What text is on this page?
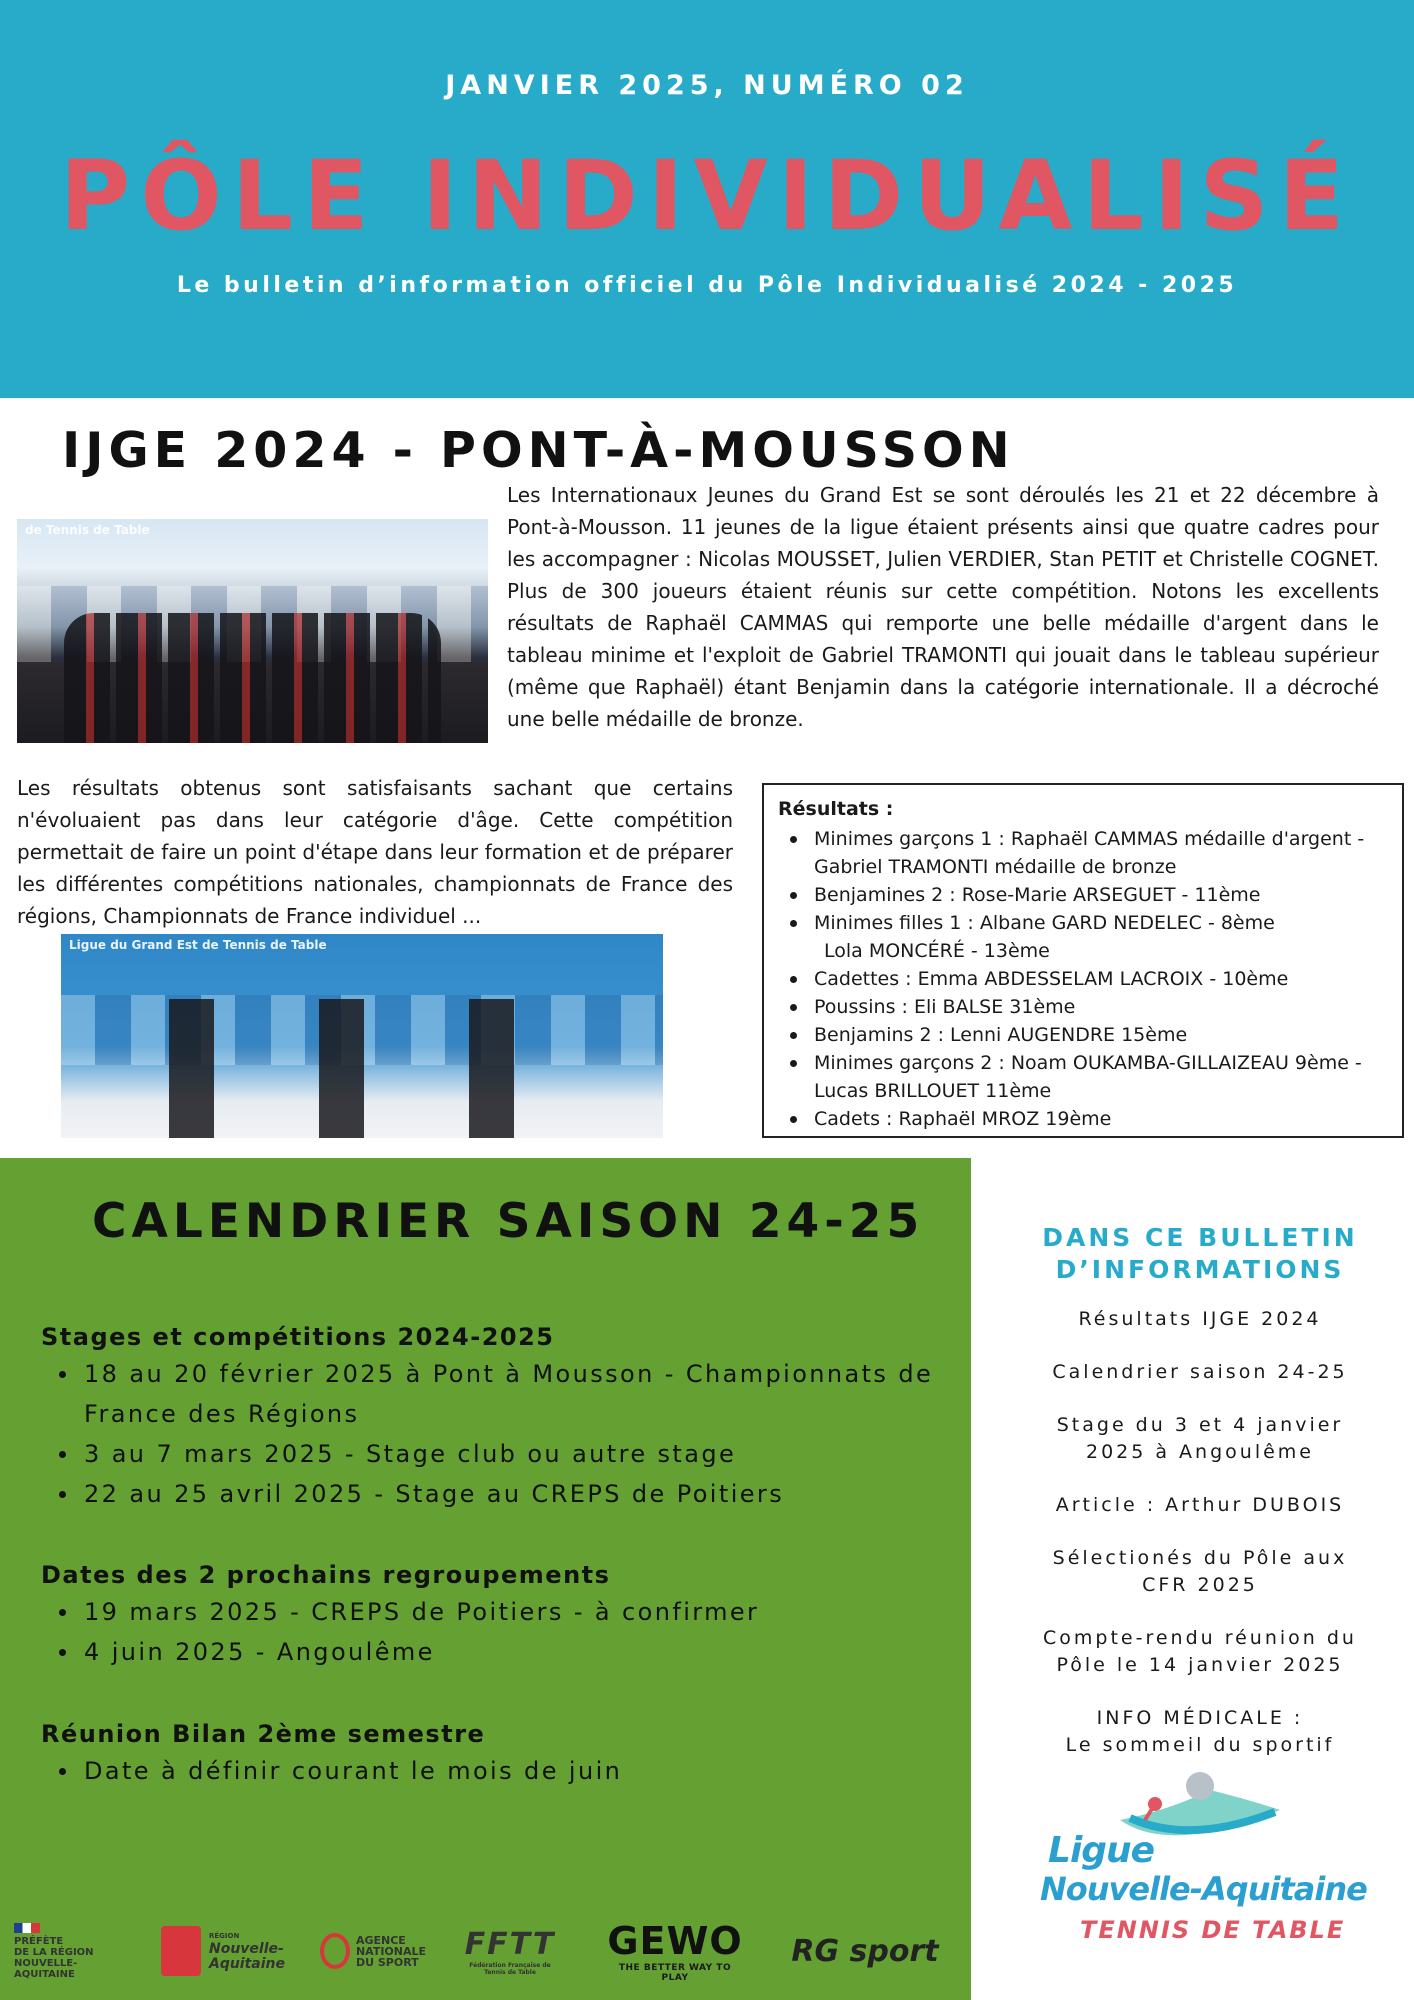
JANVIER 2025, NUMÉRO 02
PÔLE INDIVIDUALISÉ
Le bulletin d’information officiel du Pôle Individualisé 2024 - 2025
IJGE 2024 - PONT-À-MOUSSON
de Tennis de Table
Les Internationaux Jeunes du Grand Est se sont déroulés les 21 et 22 décembre à Pont-à-Mousson. 11 jeunes de la ligue étaient présents ainsi que quatre cadres pour les accompagner : Nicolas MOUSSET, Julien VERDIER, Stan PETIT et Christelle COGNET. Plus de 300 joueurs étaient réunis sur cette compétition. Notons les excellents résultats de Raphaël CAMMAS qui remporte une belle médaille d'argent dans le tableau minime et l'exploit de Gabriel TRAMONTI qui jouait dans le tableau supérieur (même que Raphaël) étant Benjamin dans la catégorie internationale. Il a décroché une belle médaille de bronze.
Les résultats obtenus sont satisfaisants sachant que certains n'évoluaient pas dans leur catégorie d'âge. Cette compétition permettait de faire un point d'étape dans leur formation et de préparer les différentes compétitions nationales, championnats de France des régions, Championnats de France individuel ...
Ligue du Grand Est de Tennis de Table
Résultats :
Minimes garçons 1 : Raphaël CAMMAS médaille d'argent - Gabriel TRAMONTI médaille de bronze
Benjamines 2 : Rose-Marie ARSEGUET - 11ème
Minimes filles 1 : Albane GARD NEDELEC - 8ème
Lola MONCÉRÉ - 13ème
Cadettes : Emma ABDESSELAM LACROIX - 10ème
Poussins : Eli BALSE 31ème
Benjamins 2 : Lenni AUGENDRE 15ème
Minimes garçons 2 : Noam OUKAMBA-GILLAIZEAU 9ème - Lucas BRILLOUET 11ème
Cadets : Raphaël MROZ 19ème
CALENDRIER SAISON 24-25
Stages et compétitions 2024-2025
18 au 20 février 2025 à Pont à Mousson - Championnats de France des Régions
3 au 7 mars 2025 - Stage club ou autre stage
22 au 25 avril 2025 - Stage au CREPS de Poitiers
Dates des 2 prochains regroupements
19 mars 2025 - CREPS de Poitiers - à confirmer
4 juin 2025 - Angoulême
Réunion Bilan 2ème semestre
Date à définir courant le mois de juin
DANS CE BULLETIN
D’INFORMATIONS
Résultats IJGE 2024
Calendrier saison 24-25
Stage du 3 et 4 janvier
2025 à Angoulême
Article : Arthur DUBOIS
Sélectionés du Pôle aux
CFR 2025
Compte-rendu réunion du
Pôle le 14 janvier 2025
INFO MÉDICALE :
Le sommeil du sportif
Ligue
Nouvelle-Aquitaine
TENNIS DE TABLE
PRÉFÈTE
DE LA RÉGION
NOUVELLE-AQUITAINE
RÉGION
Nouvelle-
Aquitaine
AGENCE
NATIONALE
DU SPORT
FFTT
Fédération Française de Tennis de Table
GEWO
THE BETTER WAY TO PLAY
RG sport
